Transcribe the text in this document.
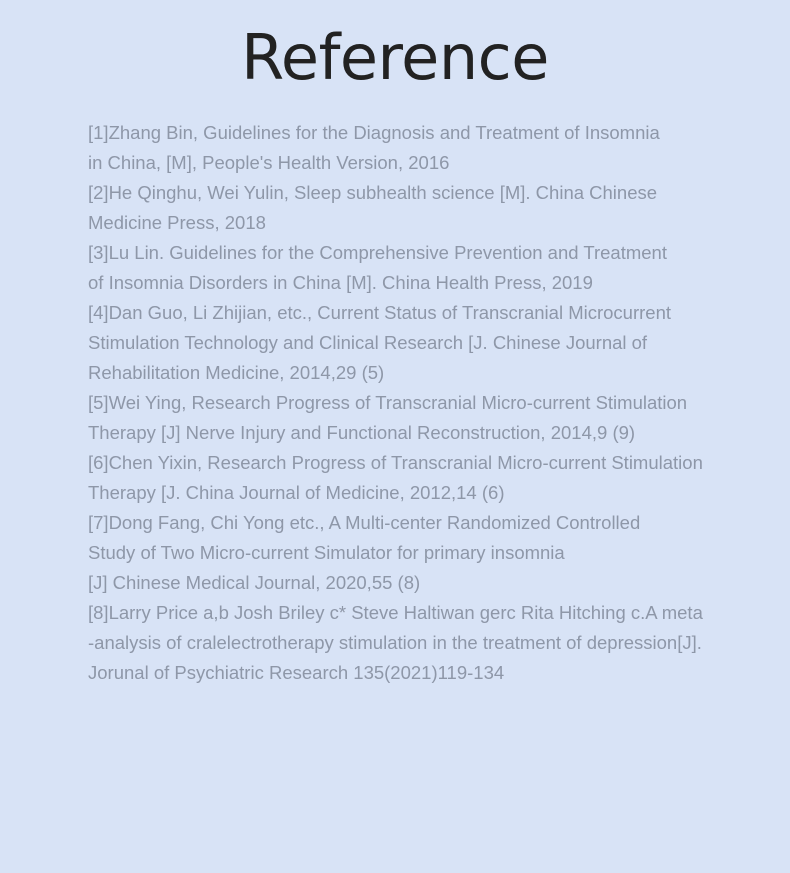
Reference
[1]Zhang Bin, Guidelines for the Diagnosis and Treatment of Insomnia
in China, [M], People's Health Version, 2016
[2]He Qinghu, Wei Yulin, Sleep subhealth science [M]. China Chinese
Medicine Press, 2018
[3]Lu Lin. Guidelines for the Comprehensive Prevention and Treatment
of Insomnia Disorders in China [M]. China Health Press, 2019
[4]Dan Guo, Li Zhijian, etc., Current Status of Transcranial Microcurrent
Stimulation Technology and Clinical Research [J. Chinese Journal of
Rehabilitation Medicine, 2014,29 (5)
[5]Wei Ying, Research Progress of Transcranial Micro-current Stimulation
Therapy [J] Nerve Injury and Functional Reconstruction, 2014,9 (9)
[6]Chen Yixin, Research Progress of Transcranial Micro-current Stimulation
Therapy [J. China Journal of Medicine, 2012,14 (6)
[7]Dong Fang, Chi Yong etc., A Multi-center Randomized Controlled
Study of Two Micro-current Simulator for primary insomnia
[J] Chinese Medical Journal, 2020,55 (8)
[8]Larry Price a,b Josh Briley c* Steve Haltiwan gerc Rita Hitching c.A meta
-analysis of cralelectrotherapy stimulation in the treatment of depression[J].
Jorunal of Psychiatric Research 135(2021)119-134
